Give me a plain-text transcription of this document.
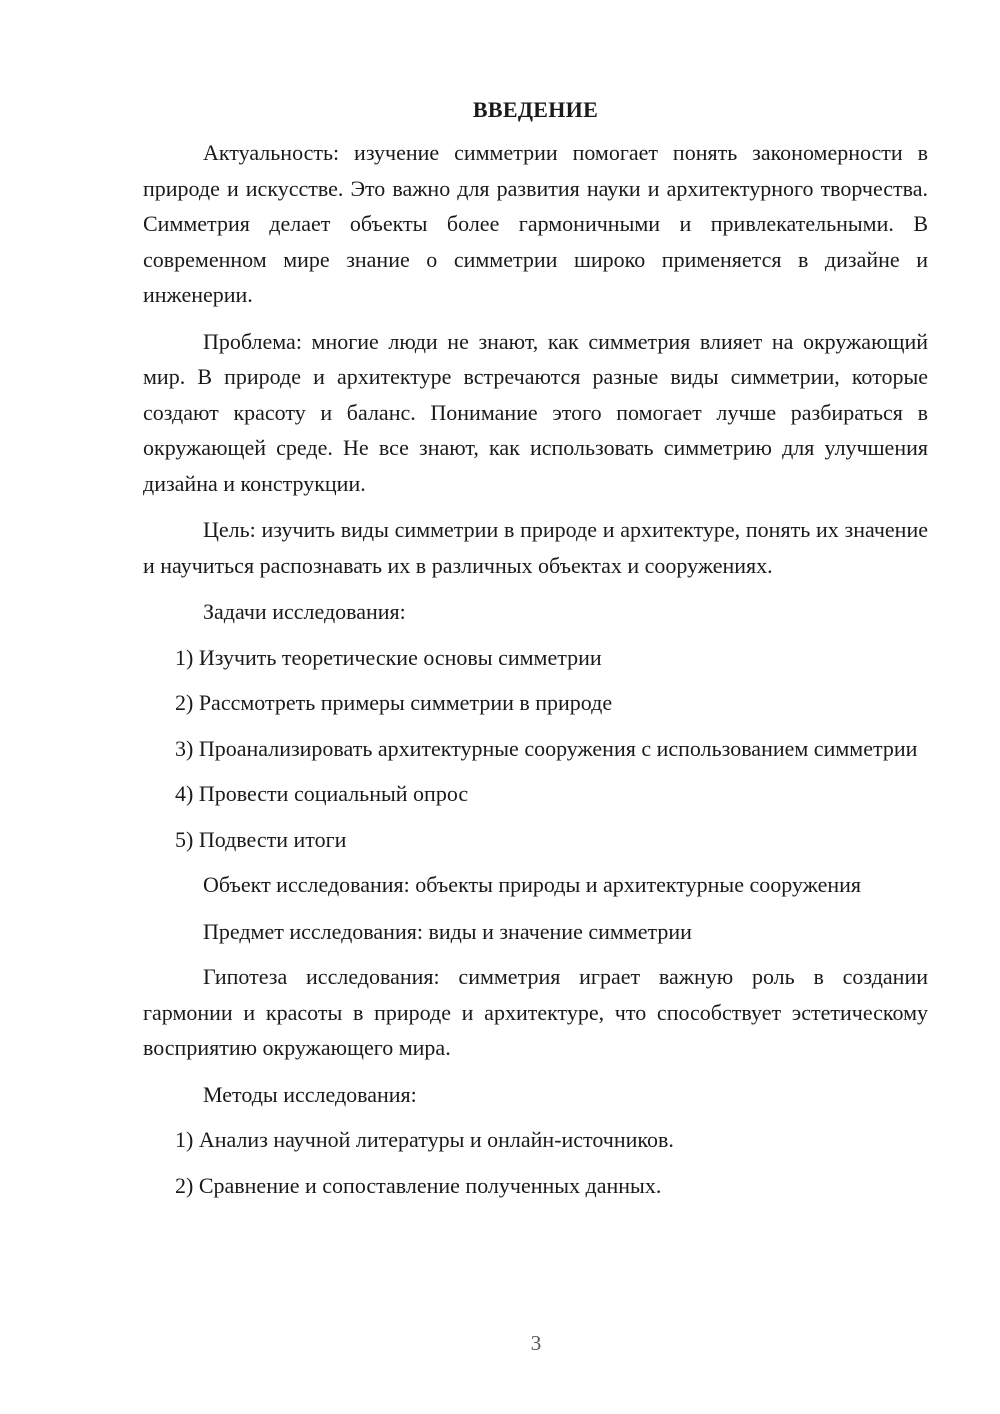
ВВЕДЕНИЕ

Актуальность: изучение симметрии помогает понять закономерности в природе и искусстве. Это важно для развития науки и архитектурного творчества. Симметрия делает объекты более гармоничными и привлекательными. В современном мире знание о симметрии широко применяется в дизайне и инженерии.

Проблема: многие люди не знают, как симметрия влияет на окружающий мир. В природе и архитектуре встречаются разные виды симметрии, которые создают красоту и баланс. Понимание этого помогает лучше разбираться в окружающей среде. Не все знают, как использовать симметрию для улучшения дизайна и конструкции.

Цель: изучить виды симметрии в природе и архитектуре, понять их значение и научиться распознавать их в различных объектах и сооружениях.

Задачи исследования:

1) Изучить теоретические основы симметрии

2) Рассмотреть примеры симметрии в природе

3) Проанализировать архитектурные сооружения с использованием симметрии

4) Провести социальный опрос

5) Подвести итоги

Объект исследования: объекты природы и архитектурные сооружения

Предмет исследования: виды и значение симметрии

Гипотеза исследования: симметрия играет важную роль в создании гармонии и красоты в природе и архитектуре, что способствует эстетическому восприятию окружающего мира.

Методы исследования:

1) Анализ научной литературы и онлайн-источников.

2) Сравнение и сопоставление полученных данных.

3
